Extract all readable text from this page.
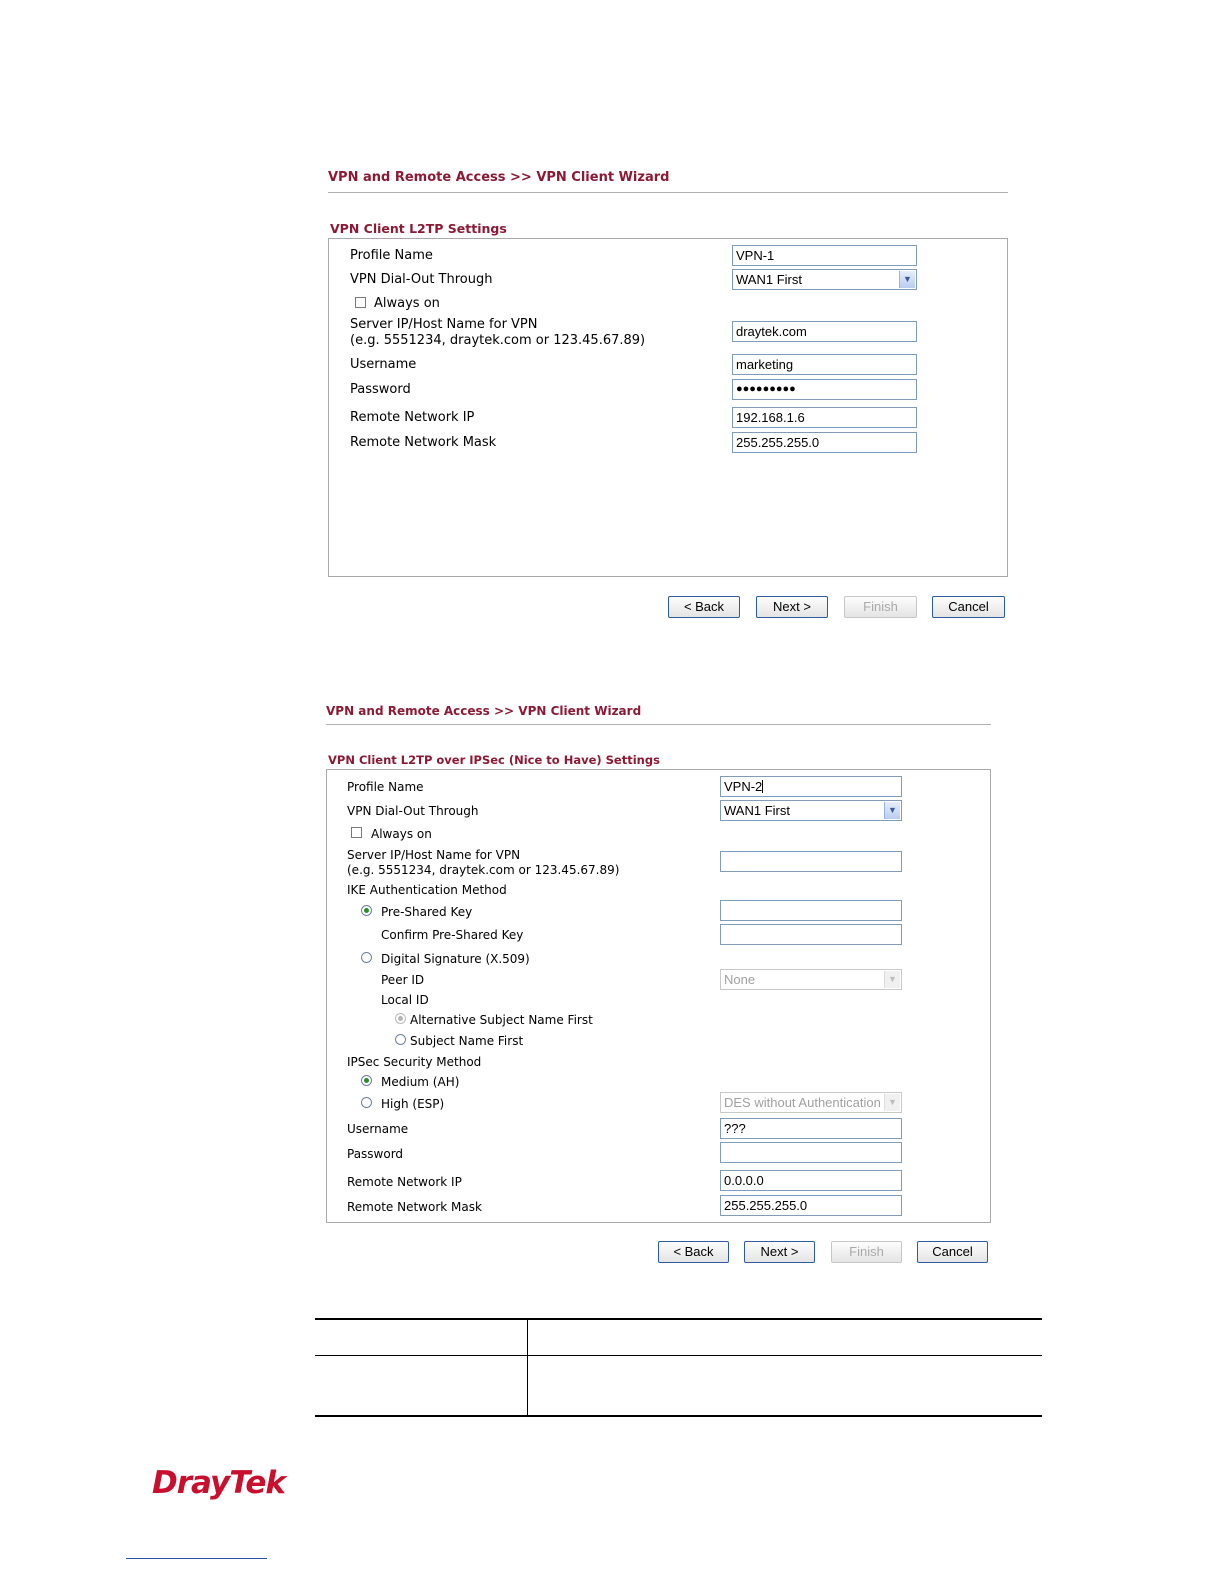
VPN and Remote Access >> VPN Client Wizard
VPN Client L2TP Settings
Profile Name	VPN-1
VPN Dial-Out Through	WAN1 First	▼
Always on
Server IP/Host Name for VPN
(e.g. 5551234, draytek.com or 123.45.67.89)
draytek.com
Username	marketing
Password	●●●●●●●●●
Remote Network IP	192.168.1.6
Remote Network Mask	255.255.255.0
< Back	Next >	Finish	Cancel
VPN and Remote Access >> VPN Client Wizard
VPN Client L2TP over IPSec (Nice to Have) Settings
Profile Name	VPN-2
VPN Dial-Out Through	WAN1 First	▼
Always on
Server IP/Host Name for VPN
(e.g. 5551234, draytek.com or 123.45.67.89)
IKE Authentication Method
Pre-Shared Key
Confirm Pre-Shared Key
Digital Signature (X.509)
Peer ID	None	▼
Local ID
Alternative Subject Name First
Subject Name First
IPSec Security Method
Medium (AH)
High (ESP)	DES without Authentication ▼
Username	???
Password
Remote Network IP	0.0.0.0
Remote Network Mask	255.255.255.0
< Back	Next >	Finish	Cancel
DrayTek
